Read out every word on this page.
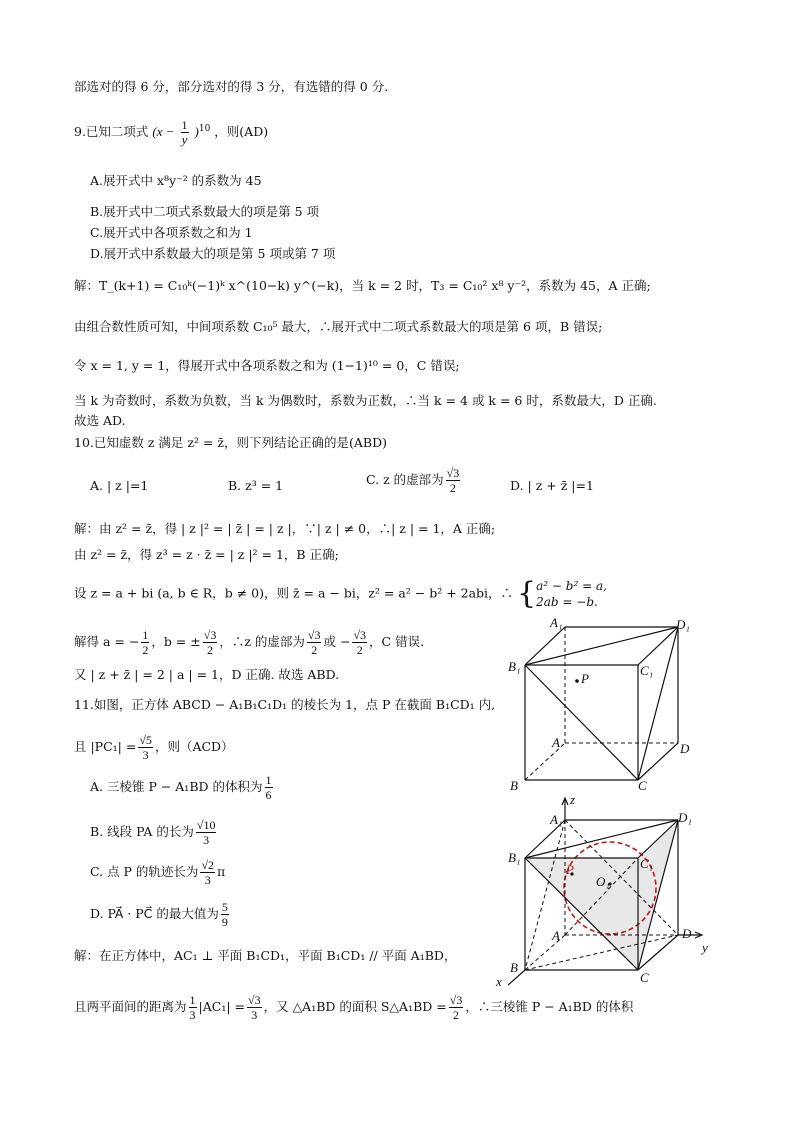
部选对的得 6 分，部分选对的得 3 分，有选错的得 0 分.
9.已知二项式 $(x - \frac{1}{y} )^{10}$ ，则(AD)
A.展开式中 x⁸y⁻² 的系数为 45
B.展开式中二项式系数最大的项是第 5 项
C.展开式中各项系数之和为 1
D.展开式中系数最大的项是第 5 项或第 7 项
解：T_(k+1) = C₁₀ᵏ(−1)ᵏ x^(10−k) y^(−k)，当 k = 2 时，T₃ = C₁₀² x⁸ y⁻²，系数为 45，A 正确;
由组合数性质可知，中间项系数 C₁₀⁵ 最大，∴展开式中二项式系数最大的项是第 6 项，B 错误;
令 x = 1, y = 1，得展开式中各项系数之和为 (1−1)¹⁰ = 0，C 错误;
当 k 为奇数时，系数为负数，当 k 为偶数时，系数为正数，∴当 k = 4 或 k = 6 时，系数最大，D 正确.
故选 AD.
10.已知虚数 z 满足 z² = z̄，则下列结论正确的是(ABD)
A. | z |=1	B. z³ = 1	C. z 的虚部为 $\frac{√3}{2}$	D. | z + z̄ |=1
解：由 z² = z̄，得 | z |² = | z̄ | = | z |，∵| z | ≠ 0，∴| z | = 1，A 正确;
由 z² = z̄，得 z³ = z · z̄ = | z |² = 1，B 正确;
设 z = a + bi (a, b ∈ R，b ≠ 0)，则 z̄ = a − bi，z² = a² − b² + 2abi，∴ { a² − b² = a,
2ab = −b.
解得 a = − $\frac{1}{2}$ ，b = ± $\frac{√3}{2}$ ，∴z 的虚部为 $\frac{√3}{2}$ 或 − $\frac{√3}{2}$ ，C 错误.
又 | z + z̄ | = 2 | a | = 1，D 正确. 故选 ABD.
11.如图，正方体 ABCD − A₁B₁C₁D₁ 的棱长为 1，点 P 在截面 B₁CD₁ 内,
且 $|PC_1| = \frac{√5}{3}$ ，则（ACD）
A. 三棱锥 P − A₁BD 的体积为 $\frac{1}{6}$
B. 线段 PA 的长为 $\frac{√10}{3}$
C. 点 P 的轨迹长为 $\frac{√2}{3}$ π
D. PA⃗ · PC⃗ 的最大值为 $\frac{5}{9}$
解：在正方体中，AC₁ ⊥ 平面 B₁CD₁，平面 B₁CD₁ // 平面 A₁BD，
且两平面间的距离为 $\frac{1}{3} |AC_1| = \frac{√3}{3}$ ，又 △A₁BD 的面积 S△A₁BD = $\frac{√3}{2}$ ，∴三棱锥 P − A₁BD 的体积
A₁	D₁
B₁	C₁
P
A	D
B	C
z
A₁	D₁
B₁	C₁
P
O₁
A	D
y
B
C
x
